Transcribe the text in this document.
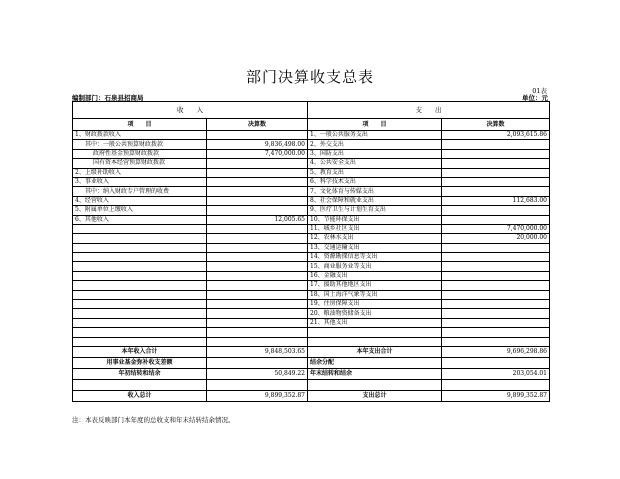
部门决算收支总表
01表
编制部门：石泉县招商局	单位：元
收　　入		支　　出	
项　　目	决算数	项　　目	决算数
1、财政拨款收入		1、一般公共服务支出	2,093,615.86
其中：一般公共预算财政拨款	9,836,498.00	2、外交支出	
政府性基金预算财政拨款	7,470,000.00	3、国防支出	
国有资本经营预算财政拨款		4、公共安全支出	
2、上级补助收入		5、教育支出	
3、事业收入		6、科学技术支出	
其中：纳入财政专户管理的收费		7、文化体育与传媒支出	
4、经营收入		8、社会保障和就业支出	112,683.00
5、附属单位上缴收入		9、医疗卫生与计划生育支出	
6、其他收入	12,005.65	10、节能环保支出	
		11、城乡社区支出	7,470,000.00
		12、农林水支出	20,000.00
		13、交通运输支出	
		14、资源勘探信息等支出	
		15、商业服务业等支出	
		16、金融支出	
		17、援助其他地区支出	
		18、国土海洋气象等支出	
		19、住房保障支出	
		20、粮油物资储备支出	
		21、其他支出	

本年收入合计	9,848,503.65	本年支出合计	9,696,298.86
用事业基金弥补收支差额		结余分配	
年初结转和结余	50,849.22	年末结转和结余	203,054.01

收入总计	9,899,352.87	支出总计	9,899,352.87
注：本表反映部门本年度的总收支和年末结转结余情况。
